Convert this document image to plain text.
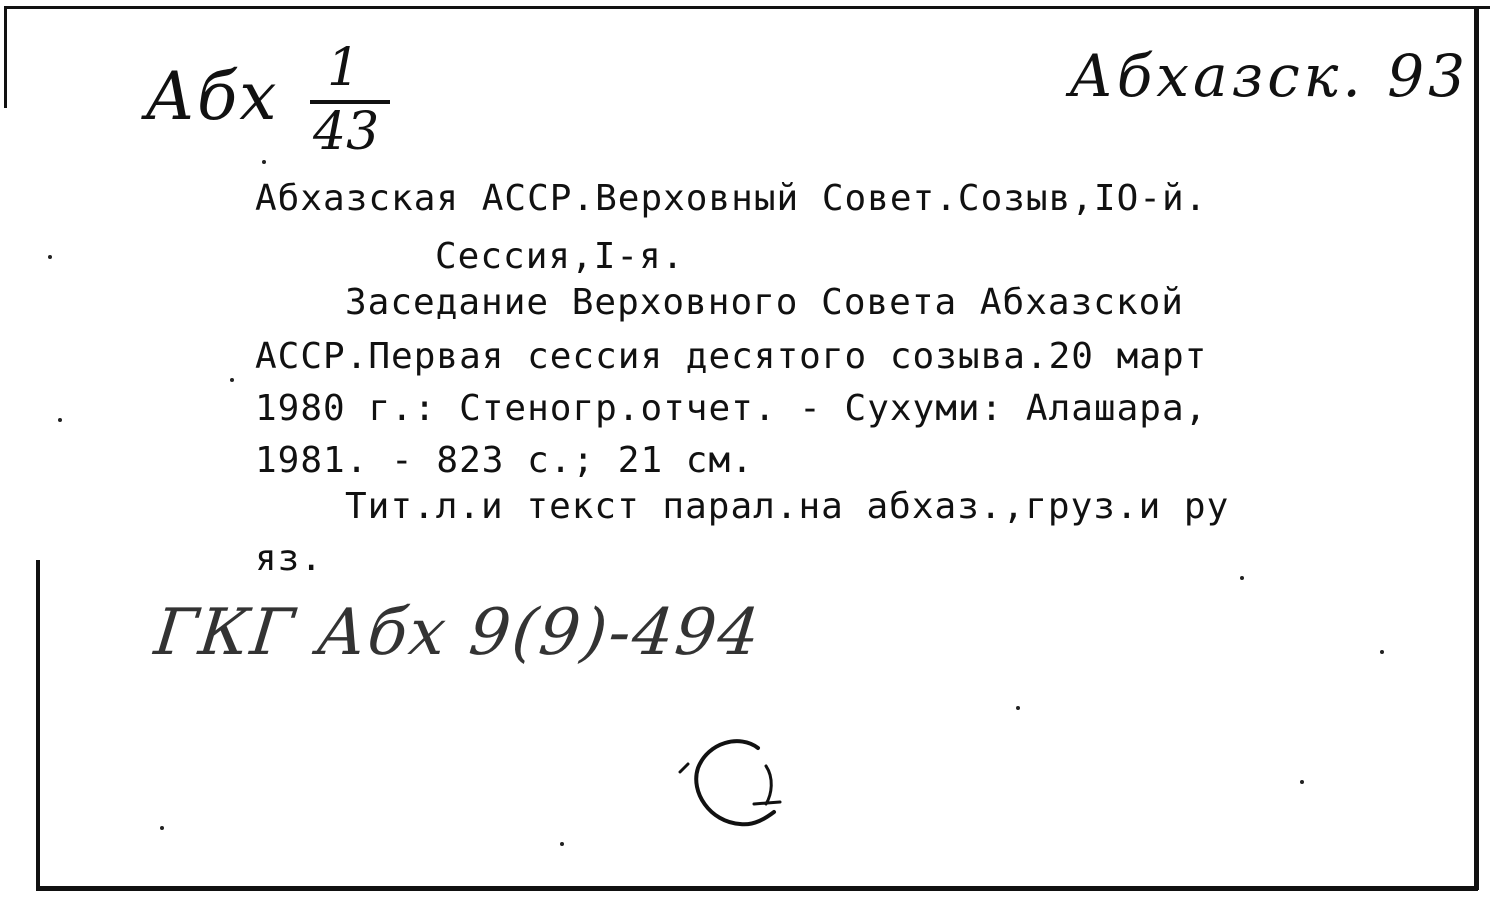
Абх 1
43
Абхазск. 93
Абхазская АССР.Верховный Совет.Созыв,IO-й.
Сессия,I-я.
Заседание Верховного Совета Абхазской
АССР.Первая сессия десятого созыва.20 март
1980 г.: Стеногр.отчет. - Сухуми: Алашара,
1981. - 823 с.; 21 см.
Тит.л.и текст парал.на абхаз.,груз.и ру
яз.
ГКГ Абх 9(9)-494
